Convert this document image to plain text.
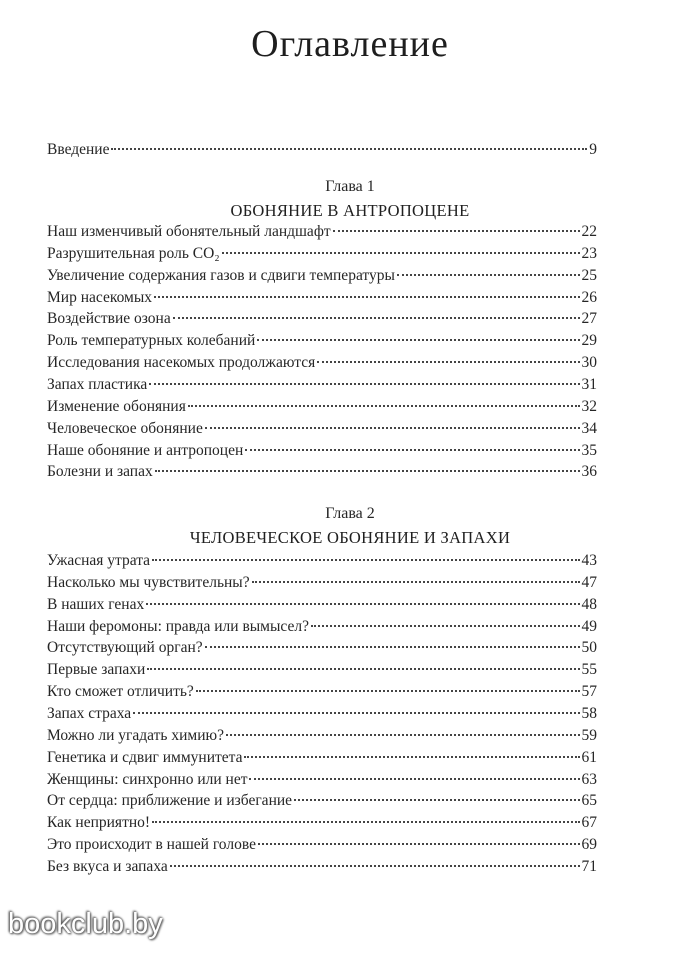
Оглавление
Введение	9
Глава 1
ОБОНЯНИЕ В АНТРОПОЦЕНЕ
Наш изменчивый обонятельный ландшафт	22
Разрушительная роль CO₂	23
Увеличение содержания газов и сдвиги температуры	25
Мир насекомых	26
Воздействие озона	27
Роль температурных колебаний	29
Исследования насекомых продолжаются	30
Запах пластика	31
Изменение обоняния	32
Человеческое обоняние	34
Наше обоняние и антропоцен	35
Болезни и запах	36
Глава 2
ЧЕЛОВЕЧЕСКОЕ ОБОНЯНИЕ И ЗАПАХИ
Ужасная утрата	43
Насколько мы чувствительны?	47
В наших генах	48
Наши феромоны: правда или вымысел?	49
Отсутствующий орган?	50
Первые запахи	55
Кто сможет отличить?	57
Запах страха	58
Можно ли угадать химию?	59
Генетика и сдвиг иммунитета	61
Женщины: синхронно или нет	63
От сердца: приближение и избегание	65
Как неприятно!	67
Это происходит в нашей голове	69
Без вкуса и запаха	71
bookclub.by
